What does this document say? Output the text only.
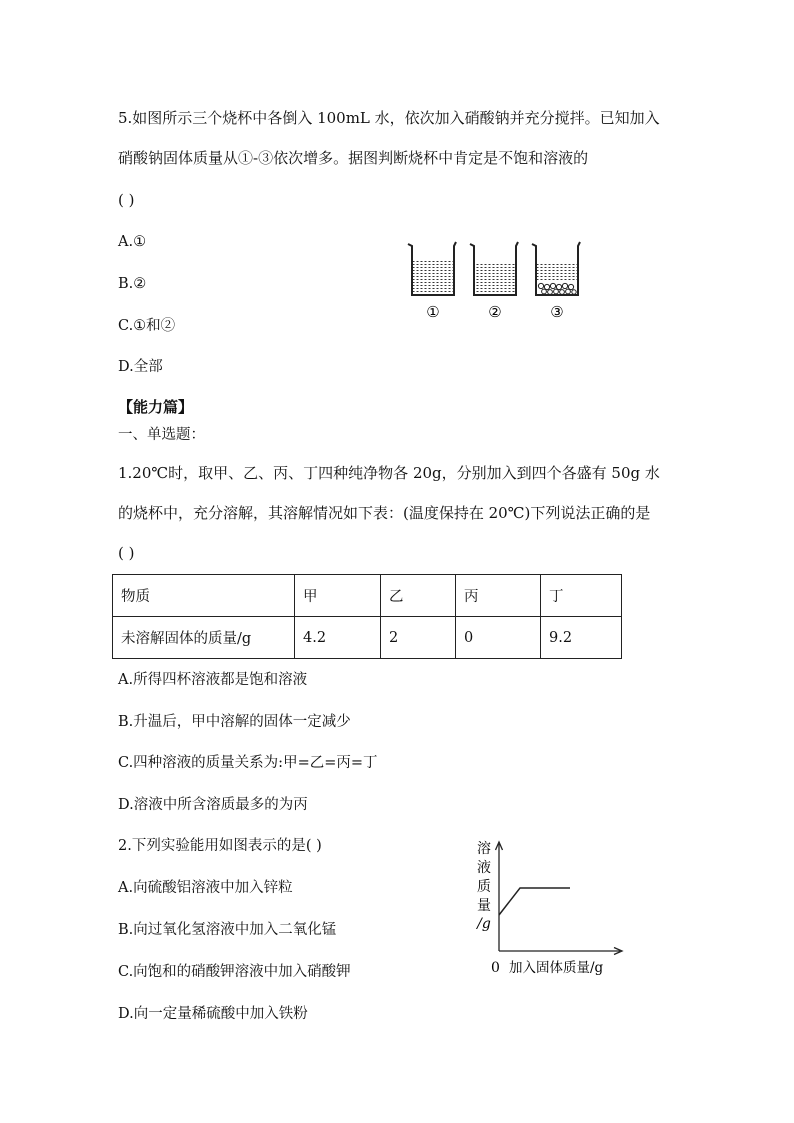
5.如图所示三个烧杯中各倒入 100mL 水，依次加入硝酸钠并充分搅拌。已知加入
硝酸钠固体质量从①-③依次增多。据图判断烧杯中肯定是不饱和溶液的
( )
A.①
B.②
C.①和②
D.全部
①	②	③
【能力篇】
一、单选题：
1.20℃时，取甲、乙、丙、丁四种纯净物各 20g，分别加入到四个各盛有 50g 水
的烧杯中，充分溶解，其溶解情况如下表：(温度保持在 20℃)下列说法正确的是
( )
物质	甲	乙	丙	丁
未溶解固体的质量/g	4.2	2	0	9.2
A.所得四杯溶液都是饱和溶液
B.升温后，甲中溶解的固体一定减少
C.四种溶液的质量关系为:甲=乙=丙=丁
D.溶液中所含溶质最多的为丙
2.下列实验能用如图表示的是( )
A.向硫酸铝溶液中加入锌粒
B.向过氧化氢溶液中加入二氧化锰
C.向饱和的硝酸钾溶液中加入硝酸钾
D.向一定量稀硫酸中加入铁粉
溶
液
质
量
/g
0 加入固体质量/g
